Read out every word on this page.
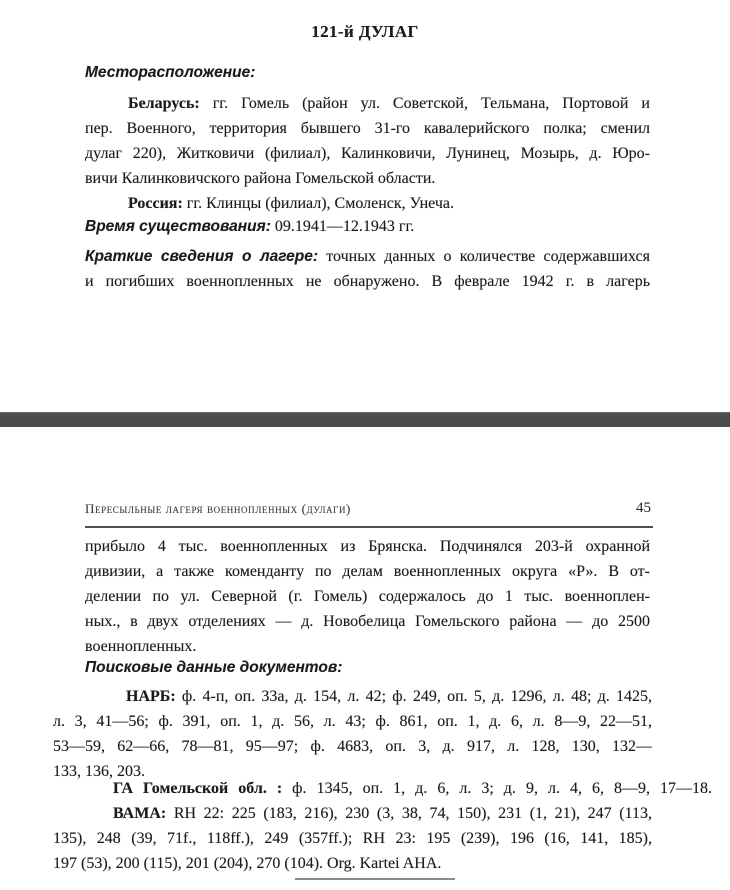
121-й ДУЛАГ
Месторасположение:
Беларусь: гг. Гомель (район ул. Советской, Тельмана, Портовой и
пер. Военного, территория бывшего 31-го кавалерийского полка; сменил
дулаг 220), Житковичи (филиал), Калинковичи, Лунинец, Мозырь, д. Юро-
вичи Калинковичского района Гомельской области.
Россия: гг. Клинцы (филиал), Смоленск, Унеча.
Время существования: 09.1941—12.1943 гг.
Краткие сведения о лагере: точных данных о количестве содержавшихся
и погибших военнопленных не обнаружено. В феврале 1942 г. в лагерь
Пересыльные лагеря военнопленных (дулаги)	45
прибыло 4 тыс. военнопленных из Брянска. Подчинялся 203-й охранной
дивизии, а также коменданту по делам военнопленных округа «Р». В от-
делении по ул. Северной (г. Гомель) содержалось до 1 тыс. военноплен-
ных., в двух отделениях — д. Новобелица Гомельского района — до 2500
военнопленных.
Поисковые данные документов:
НАРБ: ф. 4-п, оп. 33а, д. 154, л. 42; ф. 249, оп. 5, д. 1296, л. 48; д. 1425,
л. 3, 41—56; ф. 391, оп. 1, д. 56, л. 43; ф. 861, оп. 1, д. 6, л. 8—9, 22—51,
53—59, 62—66, 78—81, 95—97; ф. 4683, оп. 3, д. 917, л. 128, 130, 132—
133, 136, 203.
ГА Гомельской обл. : ф. 1345, оп. 1, д. 6, л. 3; д. 9, л. 4, 6, 8—9, 17—18.
ВАМА: RH 22: 225 (183, 216), 230 (3, 38, 74, 150), 231 (1, 21), 247 (113,
135), 248 (39, 71f., 118ff.), 249 (357ff.); RH 23: 195 (239), 196 (16, 141, 185),
197 (53), 200 (115), 201 (204), 270 (104). Org. Kartei AHA.
